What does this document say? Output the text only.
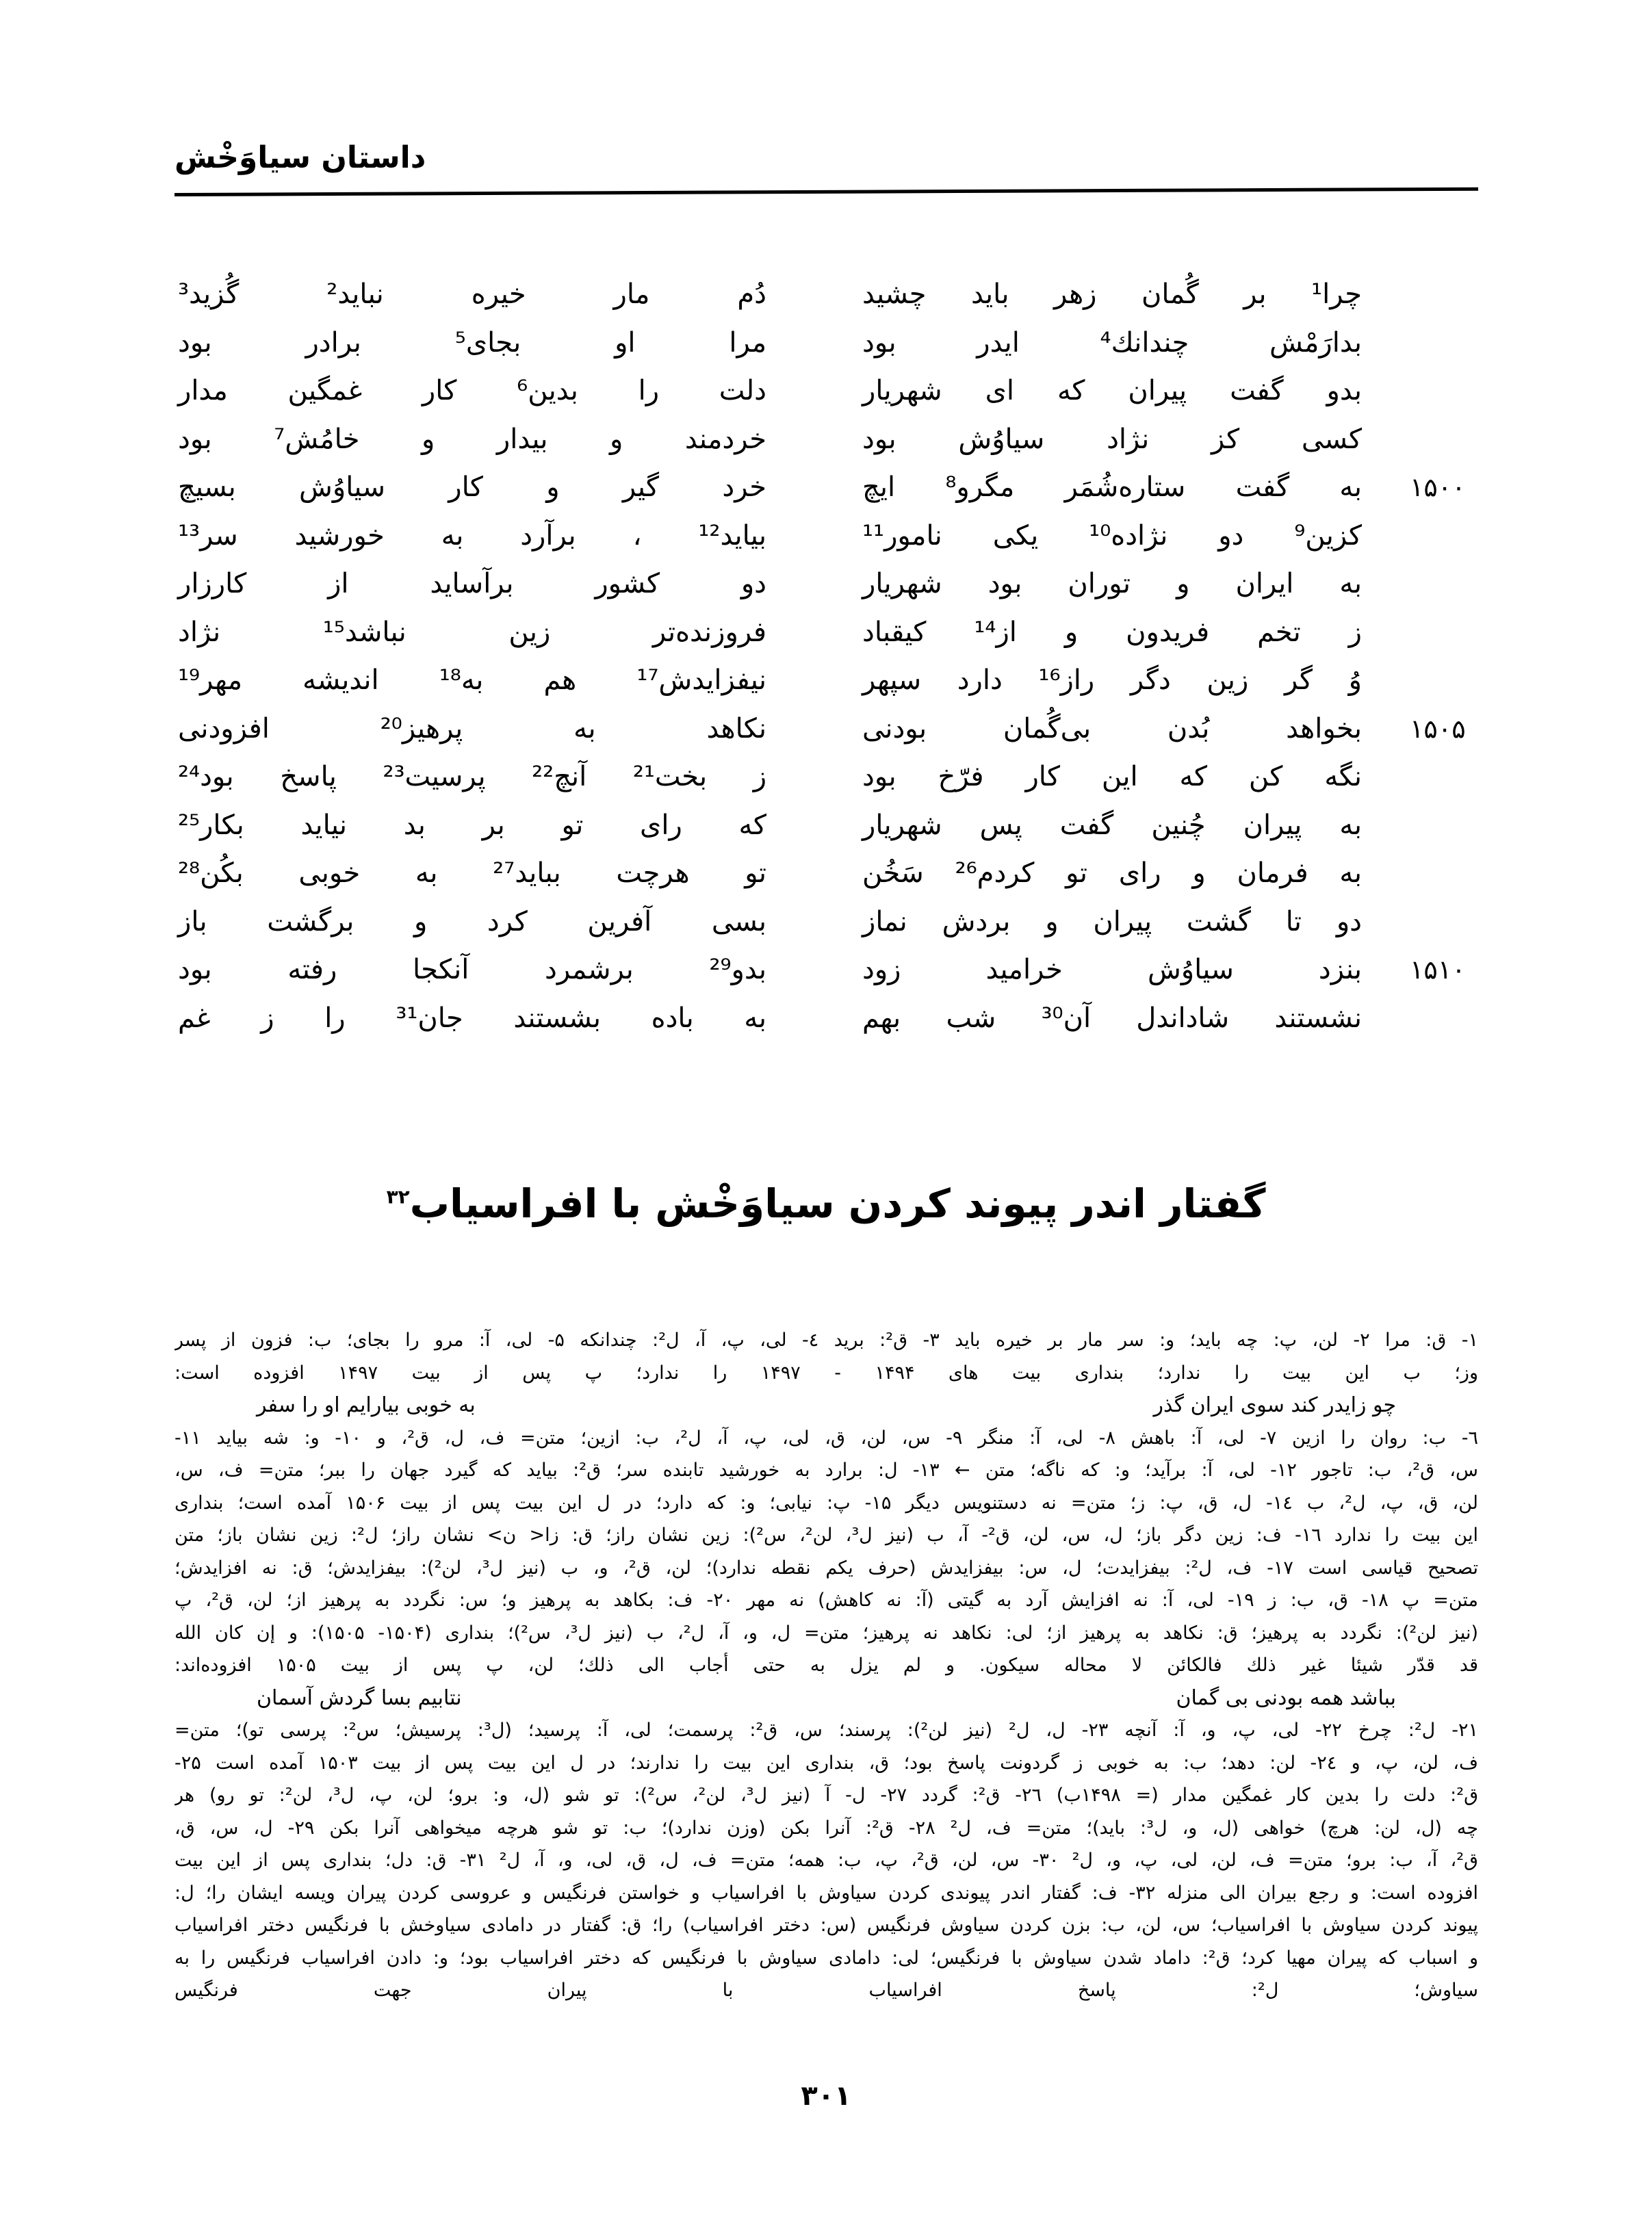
داستان سیاوَخْش
چرا¹ بر گُمان زهر باید چشید
دُم مار خیره نباید² گُزید³
بدارَمْش چندانك⁴ ایدر بود
مرا او بجای⁵ برادر بود
بدو گفت پیران که ای شهریار
دلت را بدین⁶ کار غمگین مدار
کسی کز نژاد سیاوُش بود
خردمند و بیدار و خامُش⁷ بود
۱۵۰۰
به گفت ستاره‌شُمَر مگرو⁸ ایچ
خرد گیر و کار سیاوُش بسیچ
کزین⁹ دو نژاده¹⁰ یکی نامور¹¹
بیاید¹² ، برآرد به خورشید سر¹³
به ایران و توران بود شهریار
دو کشور برآساید از کارزار
ز تخم فریدون و از¹⁴ کیقباد
فروزنده‌تر زین نباشد¹⁵ نژاد
وُ گر زین دگر راز¹⁶ دارد سپهر
نیفزایدش¹⁷ هم به¹⁸ اندیشه مهر¹⁹
۱۵۰۵
بخواهد بُدن بی‌گُمان بودنی
نکاهد به پرهیز²⁰ افزودنی
نگه کن که این کار فرّخ بود
ز بخت²¹ آنچ²² پرسیت²³ پاسخ بود²⁴
به پیران چُنین گفت پس شهریار
که رای تو بر بد نیاید بکار²⁵
به فرمان و رای تو کردم²⁶ سَخُن
تو هرچت بباید²⁷ به خوبی بکُن²⁸
دو تا گشت پیران و بردش نماز
بسی آفرین کرد و برگشت باز
۱۵۱۰
بنزد سیاوُش خرامید زود
بدو²⁹ برشمرد آنکجا رفته بود
نشستند شاداندل آن³⁰ شب بهم
به باده بشستند جان³¹ را ز غم
گفتار اندر پیوند کردن سیاوَخْش با افراسیاب$^{۳۲}$
۱- ق: مرا ۲- لن، پ: چه باید؛ و: سر مار بر خیره باید ۳- ق²: برید ٤- لی، پ، آ، ل²: چندانکه ۵- لی، آ: مرو را بجای؛ ب: فزون از پسر
وز؛ ب این بیت را ندارد؛ بنداری بیت های ۱۴۹۴ - ۱۴۹۷ را ندارد؛ پ پس از بیت ۱۴۹۷ افزوده است:
چو زایدر کند سوی ایران گذر
به خوبی بیارایم او را سفر
٦- ب: روان را ازین ۷- لی، آ: باهش ۸- لی، آ: منگر ۹- س، لن، ق، لی، پ، آ، ل²، ب: ازین؛ متن= ف، ل، ق²، و ۱۰- و: شه بیاید ۱۱-
س، ق²، ب: تاجور ۱۲- لی، آ: برآید؛ و: که ناگه؛ متن ← ۱۳- ل: برارد به خورشید تابنده سر؛ ق²: بیاید که گیرد جهان را ببر؛ متن= ف، س،
لن، ق، پ، ل²، ب ١٤- ل، ق، پ: ز؛ متن= نه دستنویس دیگر ۱۵- پ: نیابی؛ و: که دارد؛ در ل این بیت پس از بیت ۱۵۰۶ آمده است؛ بنداری
این بیت را ندارد ١٦- ف: زین دگر باز؛ ل، س، لن، ق²- آ، ب (نیز ل³، لن²، س²): زین نشان راز؛ ق: زا< ن> نشان راز؛ ل²: زین نشان باز؛ متن
تصحیح قیاسی است ۱۷- ف، ل²: بیفزایدت؛ ل، س: بیفزایدش (حرف یکم نقطه ندارد)؛ لن، ق²، و، ب (نیز ل³، لن²): بیفزایدش؛ ق: نه افزایدش؛
متن= پ ۱۸- ق، ب: ز ۱۹- لی، آ: نه افزایش آرد به گیتی (آ: نه کاهش) نه مهر ۲۰- ف: بکاهد به پرهیز و؛ س: نگردد به پرهیز از؛ لن، ق²، پ
(نیز لن²): نگردد به پرهیز؛ ق: نکاهد به پرهیز از؛ لی: نکاهد نه پرهیز؛ متن= ل، و، آ، ل²، ب (نیز ل³، س²)؛ بنداری (۱۵۰۴- ۱۵۰۵): و إن كان الله
قد قدّر شیئا غیر ذلك فالکائن لا محاله سیکون. و لم یزل به حتی أجاب الی ذلك؛ لن، پ پس از بیت ۱۵۰۵ افزوده‌اند:
بباشد همه بودنی بی گمان
نتابیم بسا گردش آسمان
۲۱- ل²: چرخ ۲۲- لی، پ، و، آ: آنچه ۲۳- ل، ل² (نیز لن²): پرسند؛ س، ق²: پرسمت؛ لی، آ: پرسید؛ (ل³: پرسیش؛ س²: پرسی تو)؛ متن=
ف، لن، پ، و ٢٤- لن: دهد؛ ب: به خوبی ز گردونت پاسخ بود؛ ق، بنداری این بیت را ندارند؛ در ل این بیت پس از بیت ۱۵۰۳ آمده است ۲۵-
ق²: دلت را بدین کار غمگین مدار (= ۱۴۹۸ب) ۲٦- ق²: گردد ۲۷- ل- آ (نیز ل³، لن²، س²): تو شو (ل، و: برو؛ لن، پ، ل³، لن²: تو رو) هر
چه (ل، لن: هرچ) خواهی (ل، و، ل³: باید)؛ متن= ف، ل² ۲۸- ق²: آنرا بکن (وزن ندارد)؛ ب: تو شو هرچه میخواهی آنرا بکن ۲۹- ل، س، ق،
ق²، آ، ب: برو؛ متن= ف، لن، لی، پ، و، ل² ۳۰- س، لن، ق²، پ، ب: همه؛ متن= ف، ل، ق، لی، و، آ، ل² ۳۱- ق: دل؛ بنداری پس از این بیت
افزوده است: و رجع بیران الی منزله ۳۲- ف: گفتار اندر پیوندی کردن سیاوش با افراسیاب و خواستن فرنگیس و عروسی کردن پیران ویسه ایشان را؛ ل:
پیوند کردن سیاوش با افراسیاب؛ س، لن، ب: بزن کردن سیاوش فرنگیس (س: دختر افراسیاب) را؛ ق: گفتار در دامادی سیاوخش با فرنگیس دختر افراسیاب
و اسباب که پیران مهیا کرد؛ ق²: داماد شدن سیاوش با فرنگیس؛ لی: دامادی سیاوش با فرنگیس که دختر افراسیاب بود؛ و: دادن افراسیاب فرنگیس را به
سیاوش؛ ل²: پاسخ افراسیاب با پیران جهت فرنگیس
۳۰۱
